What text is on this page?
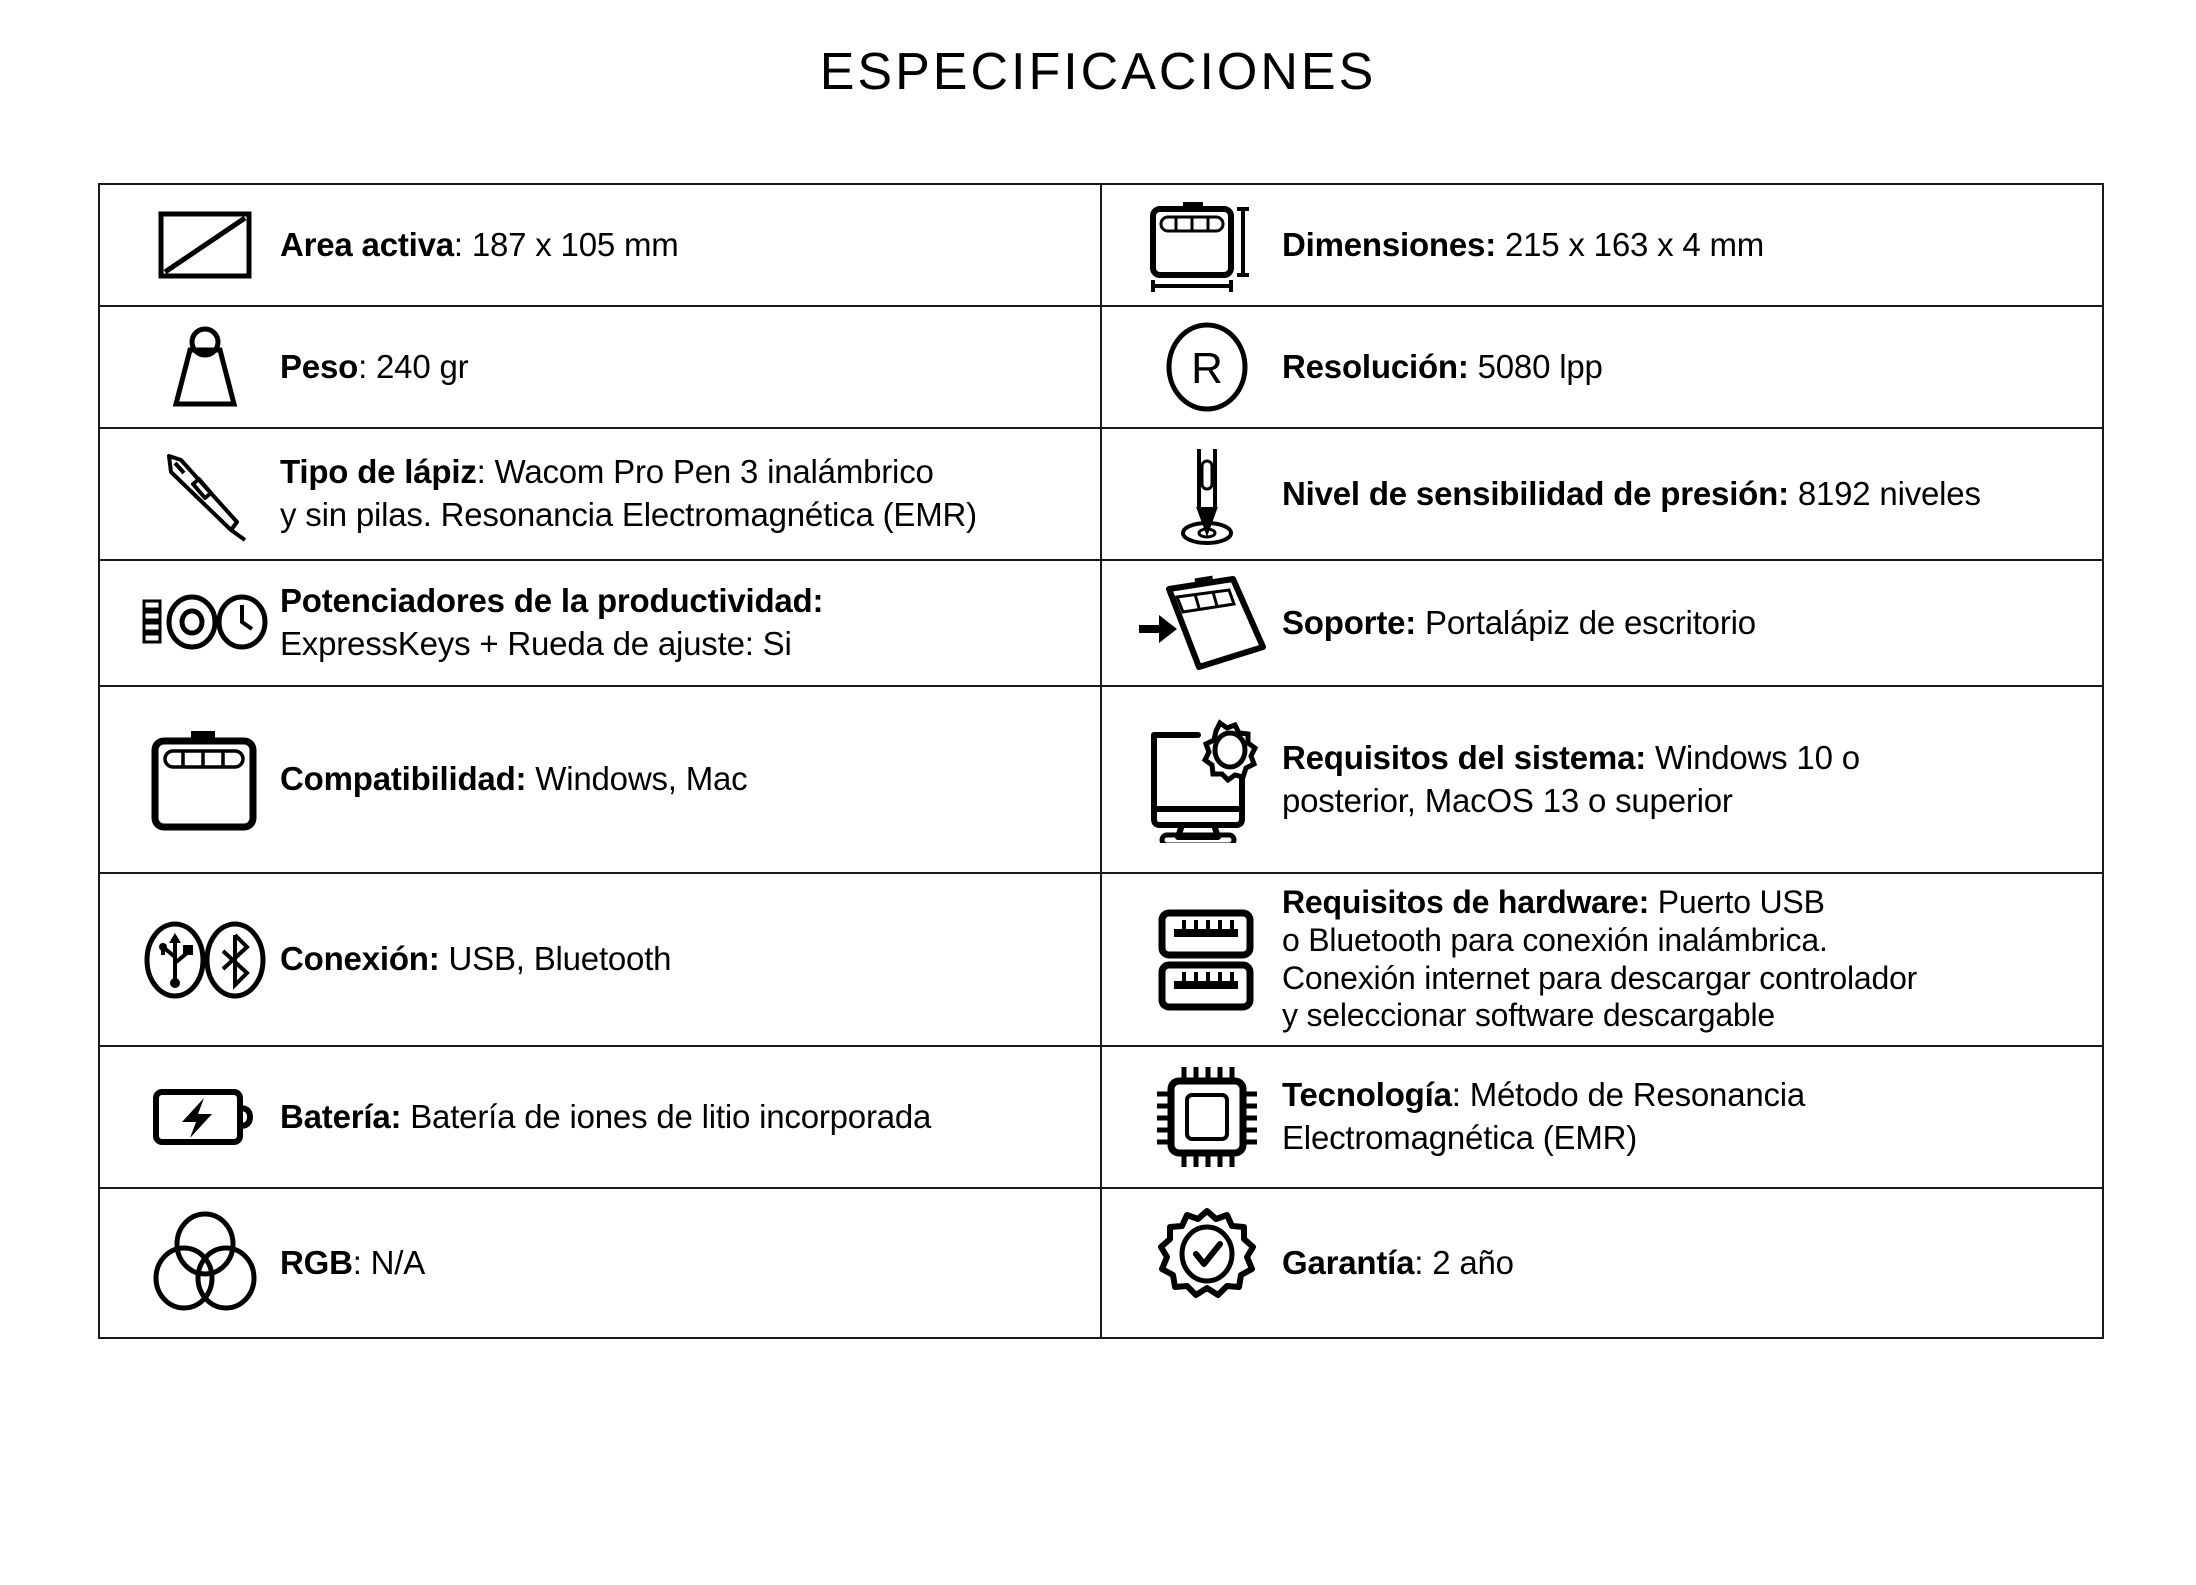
ESPECIFICACIONES
Area activa: 187 x 105 mm	Dimensiones: 215 x 163 x 4 mm

Peso: 240 gr	R Resolución: 5080 lpp

Tipo de lápiz: Wacom Pro Pen 3 inalámbrico
y sin pilas. Resonancia Electromagnética (EMR)	Nivel de sensibilidad de presión: 8192 niveles

Potenciadores de la productividad:
ExpressKeys + Rueda de ajuste: Si	Soporte: Portalápiz de escritorio

Compatibilidad: Windows, Mac	Requisitos del sistema: Windows 10 o
posterior, MacOS 13 o superior

Conexión: USB, Bluetooth	Requisitos de hardware: Puerto USB
o Bluetooth para conexión inalámbrica.
Conexión internet para descargar controlador
y seleccionar software descargable

Batería: Batería de iones de litio incorporada	Tecnología: Método de Resonancia
Electromagnética (EMR)

RGB: N/A	Garantía: 2 año
